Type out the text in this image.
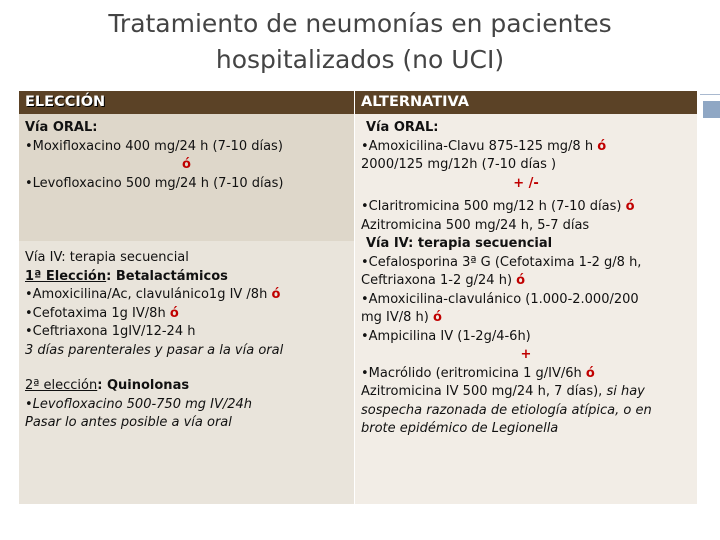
Tratamiento de neumonías en pacientes
hospitalizados (no UCI)
ELECCIÓN	ALTERNATIVA
Vía ORAL:
•Moxifloxacino 400 mg/24 h (7-10 días)
ó
•Levofloxacino 500 mg/24 h (7-10 días)
Vía IV: terapia secuencial
1ª Elección: Betalactámicos
•Amoxicilina/Ac, clavulánico1g IV /8h ó
•Cefotaxima 1g IV/8h ó
•Ceftriaxona 1gIV/12-24 h
3 días parenterales y pasar a la vía oral
2ª elección: Quinolonas
•Levofloxacino 500-750 mg IV/24h
Pasar lo antes posible a vía oral
Vía ORAL:
•Amoxicilina-Clavu 875-125 mg/8 h ó
2000/125 mg/12h (7-10 días )
+ /-
•Claritromicina 500 mg/12 h (7-10 días) ó
Azitromicina 500 mg/24 h, 5-7 días
Vía IV: terapia secuencial
•Cefalosporina 3ª G (Cefotaxima 1-2 g/8 h,
Ceftriaxona 1-2 g/24 h) ó
•Amoxicilina-clavulánico (1.000-2.000/200
mg IV/8 h) ó
•Ampicilina IV (1-2g/4-6h)
+
•Macrólido (eritromicina 1 g/IV/6h ó
Azitromicina IV 500 mg/24 h, 7 días), si hay
sospecha razonada de etiología atípica, o en
brote epidémico de Legionella
